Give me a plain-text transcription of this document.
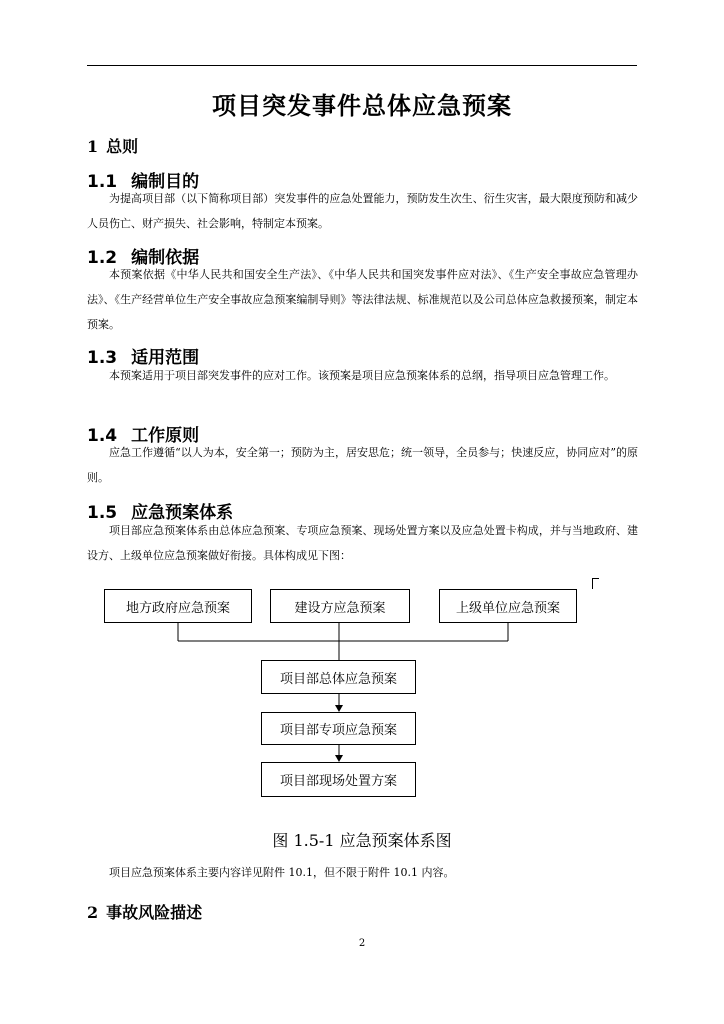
项目突发事件总体应急预案
1 总则
1.1 编制目的
为提高项目部（以下简称项目部）突发事件的应急处置能力，预防发生次生、衍生灾害，最大限度预防和减少人员伤亡、财产损失、社会影响，特制定本预案。
1.2 编制依据
本预案依据《中华人民共和国安全生产法》、《中华人民共和国突发事件应对法》、《生产安全事故应急管理办法》、《生产经营单位生产安全事故应急预案编制导则》等法律法规、标准规范以及公司总体应急救援预案，制定本预案。
1.3 适用范围
本预案适用于项目部突发事件的应对工作。该预案是项目应急预案体系的总纲，指导项目应急管理工作。
1.4 工作原则
应急工作遵循“以人为本，安全第一；预防为主，居安思危；统一领导，全员参与；快速反应，协同应对”的原则。
1.5 应急预案体系
项目部应急预案体系由总体应急预案、专项应急预案、现场处置方案以及应急处置卡构成，并与当地政府、建设方、上级单位应急预案做好衔接。具体构成见下图：
地方政府应急预案	建设方应急预案	上级单位应急预案
项目部总体应急预案
项目部专项应急预案
项目部现场处置方案
图 1.5-1 应急预案体系图
项目应急预案体系主要内容详见附件 10.1，但不限于附件 10.1 内容。
2 事故风险描述
2
